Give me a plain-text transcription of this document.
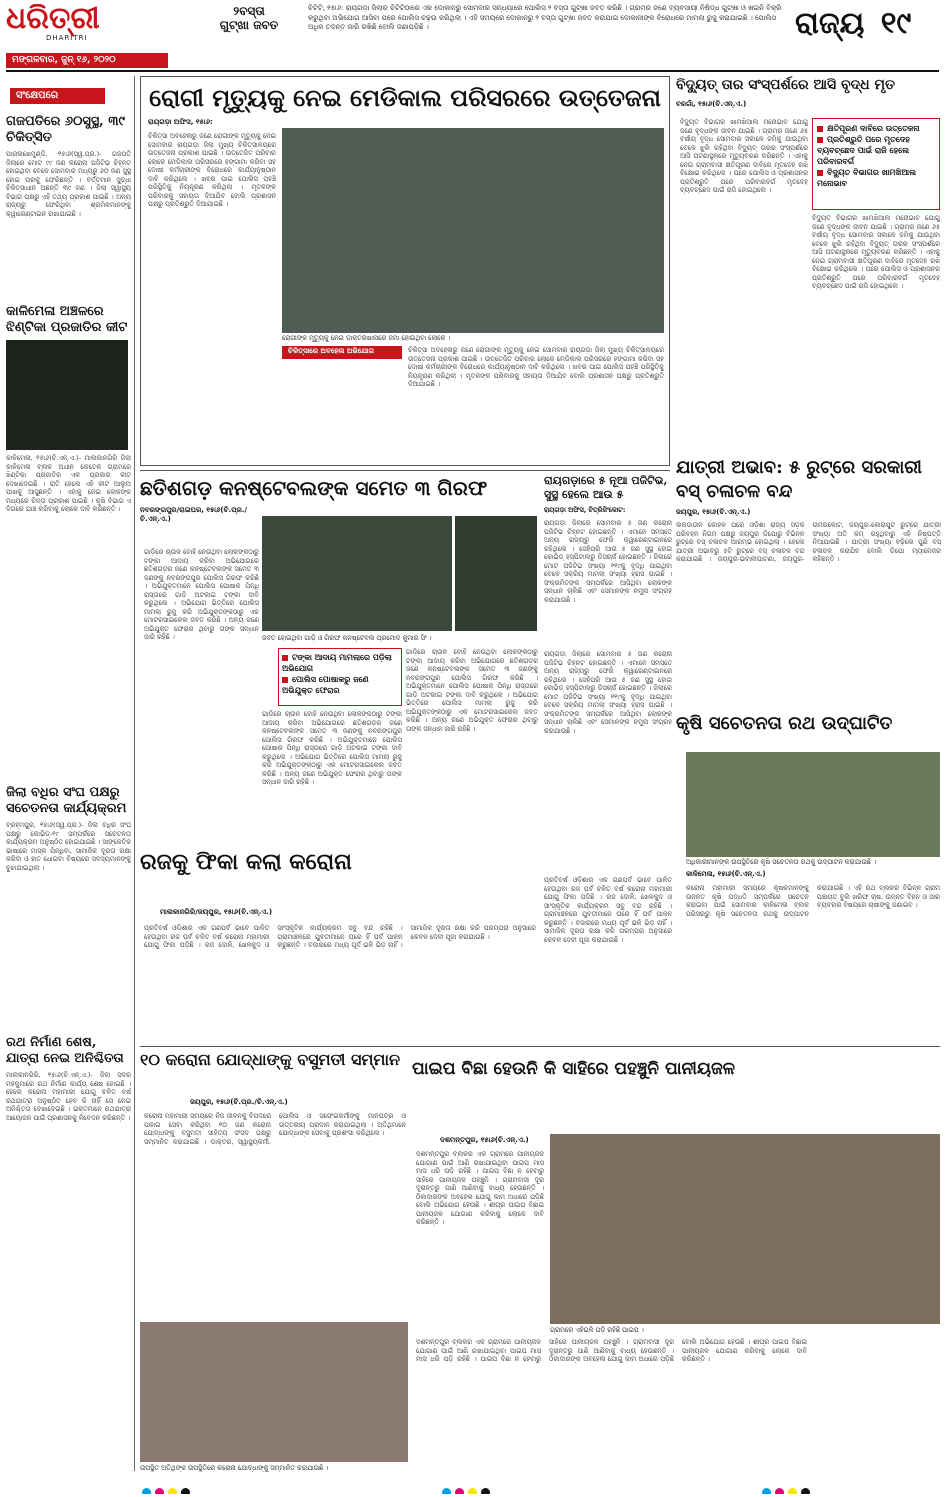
ଧରିତ୍ରୀ
DHARITRI
ମଙ୍ଗଳବାର, ଜୁନ୍ ୧୬, ୨୦୨୦
୨ବସ୍ତା
ଗୁଟ୍ଖା ଜବତ
ଚିଟିଟି, ୧୫ା୬: ରାୟଗଡ଼ା ଜିଲାର ଚିଟିଟିଠାରେ ଏକ ଦୋକାନରୁ ସୋମବାର ସନ୍ଧ୍ୟାରେ ପୋଲିସ ୨ ବସ୍ତା ଗୁଟ୍ଖା ଜବତ କରିଛି । ଗ୍ରାମର ଜଣେ ବ୍ୟବସାୟୀ ନିଷିଦ୍ଧ ଗୁଟ୍ଖା ଓ ଖଇନି ବିକ୍ରି କରୁଥିବା ଅଭିଯୋଗ ଆସିବା ପରେ ପୋଲିସ ଚଢ଼ଉ କରିଥିଲା । ଏହି ସମୟରେ ଦୋକାନରୁ ୨ ବସ୍ତା ଗୁଟ୍ଖା ଜବତ କରାଯାଇ ଦୋକାନୀଙ୍କ ବିରୋଧରେ ମାମଲା ରୁଜୁ କରାଯାଇଛି । ପୋଲିସ ଅଧିକ ତଦନ୍ତ ଜାରି ରଖିଛି ବୋଲି ଜଣାପଡ଼ିଛି ।	ରାଜ୍ୟ ୧୯
ସଂକ୍ଷେପରେ
ଗଜପତିରେ ୬୦ସୁସ୍ଥ, ୩୯ ଚିକିତ୍ସିତ
ପାରଳାଖେମୁଣ୍ଡି, ୧୫ା୬(ସ୍ୱ.ପ୍ର.)- ଗଜପତି ଜିଲାରେ ମୋଟ ୯୯ ଜଣ କରୋନା ପଜିଟିଭ ଚିହ୍ନଟ ହୋଇଥିବା ବେଳେ ସୋମବାର ମଧ୍ୟରୁ ୬୦ ଜଣ ସୁସ୍ଥ ହୋଇ ଘରକୁ ଫେରିଛନ୍ତି । ବର୍ତ୍ତମାନ ସୁଦ୍ଧା ଚିକିତ୍ସାଧୀନ ଅଛନ୍ତି ୩୯ ଜଣ । ଜିଲା ସ୍ୱାସ୍ଥ୍ୟ ବିଭାଗ ପକ୍ଷରୁ ଏହି ତଥ୍ୟ ପ୍ରକାଶ ପାଇଛି । ଅନ୍ୟ ରାଜ୍ୟରୁ ଫେରିଥିବା ଶ୍ରମିକମାନଙ୍କୁ କ୍ୱାରେଣ୍ଟାଇନ ରଖାଯାଇଛି ।
କାଳିମେଳା ଅଞ୍ଚଳରେ ଝିଣ୍ଟିକା ପ୍ରଜାତିର କୀଟ
କାଳିମେଳା, ୧୫ା୬(ଚି.ଏନ୍.ଏ.)- ମାଲକାନଗିରି ଜିଲା କାଳିମେଳା ବ୍ଲକ ଅଧୀନ କେତେକ ଗ୍ରାମରେ ଝିଣ୍ଟିକା ପ୍ରଜାତିର ଏକ ପ୍ରକାର କୀଟ ଦେଖାଦେଇଛି । ରାତି ହେଲେ ଏହି କୀଟ ଆଲୁଅ ପାଖକୁ ଆସୁଛନ୍ତି । ଏହାକୁ ନେଇ ଲୋକଙ୍କ ମଧ୍ୟରେ ଚିନ୍ତା ପ୍ରକାଶ ପାଇଛି । କୃଷି ବିଭାଗ ଏ ଦିଗରେ ଯାଞ୍ଚ କରିବାକୁ ଲୋକେ ଦାବି କରିଛନ୍ତି ।
ଜିଲା ବଧିର ସଂଘ ପକ୍ଷରୁ ସଚେତନତା କାର୍ଯ୍ୟକ୍ରମ
ବ୍ରହ୍ମପୁର, ୧୫ା୬(ସ୍ୱ.ପ୍ର.)- ଜିଲା ବଧିର ସଂଘ ପକ୍ଷରୁ କୋଭିଡ୍-୧୯ ସମ୍ପର୍କରେ ସଚେତନତା କାର୍ଯ୍ୟକ୍ରମ ଅନୁଷ୍ଠିତ ହୋଇଯାଇଛି । ସାଙ୍କେତିକ ଭାଷାରେ ମାସ୍କ ପିନ୍ଧିବା, ସାମାଜିକ ଦୂରତା ରକ୍ଷା କରିବା ଓ ହାତ ଧୋଇବା ବିଷୟରେ ସଦସ୍ୟମାନଙ୍କୁ ବୁଝାଯାଇଥିଲା ।
ରଥ ନିର୍ମାଣ ଶେଷ, ଯାତ୍ରା ନେଇ ଅନିଶ୍ଚିତତା
ମାଲକାନଗିରି, ୧୫ା୬(ଚି.ଏନ୍.ଏ.)- ଜିଲା ସଦର ମହକୁମାରେ ରଥ ନିର୍ମାଣ କାର୍ଯ୍ୟ ଶେଷ ହୋଇଛି । ହେଲେ କରୋନା ମହାମାରୀ ଯୋଗୁ ଚଳିତ ବର୍ଷ ରଥଯାତ୍ରା ଅନୁଷ୍ଠିତ ହେବ କି ନାହିଁ ସେ ନେଇ ଅନିଶ୍ଚିତତା ଦେଖାଦେଇଛି । ଭକ୍ତମାନେ ରଥଯାତ୍ରା ଆୟୋଜନ ପାଇଁ ପ୍ରଶାସନକୁ ନିବେଦନ କରିଛନ୍ତି ।
ରୋଗୀ ମୃତ୍ୟୁକୁ ନେଇ ମେଡିକାଲ ପରିସରରେ ଉତ୍ତେଜନା
ରାୟଗଡ଼ା ଅଫିସ, ୧୫ା୬:
ଚିକିତ୍ସା ଅବହେଳାରୁ ଜଣେ ରୋଗୀଙ୍କ ମୃତ୍ୟୁକୁ ନେଇ ସୋମବାର ରାୟଗଡ଼ା ଜିଲା ମୁଖ୍ୟ ଚିକିତ୍ସାଳୟରେ ଉତ୍ତେଜନା ପ୍ରକାଶ ପାଇଛି । ଉତ୍ତେଜିତ ପରିବାର ଲୋକେ ମେଡିକାଲ ପରିସରରେ ହଙ୍ଗାମା କରିବା ସହ ଦୋଷୀ କର୍ମଚାରୀଙ୍କ ବିରୋଧରେ କାର୍ଯ୍ୟାନୁଷ୍ଠାନ ଦାବି କରିଥିଲେ । ଖବର ପାଇ ପୋଲିସ ପହଞ୍ଚି ପରିସ୍ଥିତିକୁ ନିୟନ୍ତ୍ରଣ କରିଥିଲା । ମୃତକଙ୍କ ପରିବାରକୁ ସହାୟତା ଦିଆଯିବ ବୋଲି ପ୍ରଶାସନ ପକ୍ଷରୁ ପ୍ରତିଶ୍ରୁତି ଦିଆଯାଇଛି ।
ରୋଗୀଙ୍କ ମୃତ୍ୟୁକୁ ନେଇ ଡାକ୍ତରଖାନାରେ ଜମା ହୋଇଥିବା ଲୋକେ ।
ଚିକିତ୍ସାରେ ଅବହେଳା ଅଭିଯୋଗ	ଚିକିତ୍ସା ଅବହେଳାରୁ ଜଣେ ରୋଗୀଙ୍କ ମୃତ୍ୟୁକୁ ନେଇ ସୋମବାର ରାୟଗଡ଼ା ଜିଲା ମୁଖ୍ୟ ଚିକିତ୍ସାଳୟରେ ଉତ୍ତେଜନା ପ୍ରକାଶ ପାଇଛି । ଉତ୍ତେଜିତ ପରିବାର ଲୋକେ ମେଡିକାଲ ପରିସରରେ ହଙ୍ଗାମା କରିବା ସହ ଦୋଷୀ କର୍ମଚାରୀଙ୍କ ବିରୋଧରେ କାର୍ଯ୍ୟାନୁଷ୍ଠାନ ଦାବି କରିଥିଲେ । ଖବର ପାଇ ପୋଲିସ ପହଞ୍ଚି ପରିସ୍ଥିତିକୁ ନିୟନ୍ତ୍ରଣ କରିଥିଲା । ମୃତକଙ୍କ ପରିବାରକୁ ସହାୟତା ଦିଆଯିବ ବୋଲି ପ୍ରଶାସନ ପକ୍ଷରୁ ପ୍ରତିଶ୍ରୁତି ଦିଆଯାଇଛି ।
ବିଦ୍ୟୁତ୍ ତାର ସଂସ୍ପର୍ଶରେ ଆସି ବୃଦ୍ଧ ମୃତ
ବରଗାଁ, ୧୫ା୬(ଚି.ଏନ୍.ଏ.)
କ୍ଷତିପୂରଣ ଦାବିରେ ଉତ୍ତେଜନା
ପ୍ରତିଶ୍ରୁତି ପରେ ମୃତଦେହ ବ୍ୟବଚ୍ଛେଦ ପାଇଁ ରାଜି ହେଲେ ପରିବାରବର୍ଗ
ବିଦ୍ୟୁତ ବିଭାଗର ଖାମଖିଆଲ ମନୋଭାବ
ବିଦ୍ୟୁତ ବିଭାଗର ଖାମଖିଆଲ ମନୋଭାବ ଯୋଗୁ ଜଣେ ବୃଦ୍ଧଙ୍କ ଜୀବନ ଯାଇଛି । ଗ୍ରାମର ଜଣେ ୬୫ ବର୍ଷୀୟ ବୃଦ୍ଧ ସୋମବାର ସକାଳେ ଜମିକୁ ଯାଉଥିବା ବେଳେ ଝୁଲି ରହିଥିବା ବିଦ୍ୟୁତ୍ ତାରର ସଂସ୍ପର୍ଶରେ ଆସି ଘଟଣାସ୍ଥଳରେ ମୃତ୍ୟୁବରଣ କରିଛନ୍ତି । ଏହାକୁ ନେଇ ଗ୍ରାମବାସୀ କ୍ଷତିପୂରଣ ଦାବିରେ ମୃତଦେହ ରଖି ବିକ୍ଷୋଭ କରିଥିଲେ । ପରେ ପୋଲିସ ଓ ପ୍ରଶାସନର ପ୍ରତିଶ୍ରୁତି ପରେ ପରିବାରବର୍ଗ ମୃତଦେହ ବ୍ୟବଚ୍ଛେଦ ପାଇଁ ରାଜି ହୋଇଥିଲେ ।
ବିଦ୍ୟୁତ ବିଭାଗର ଖାମଖିଆଲ ମନୋଭାବ ଯୋଗୁ ଜଣେ ବୃଦ୍ଧଙ୍କ ଜୀବନ ଯାଇଛି । ଗ୍ରାମର ଜଣେ ୬୫ ବର୍ଷୀୟ ବୃଦ୍ଧ ସୋମବାର ସକାଳେ ଜମିକୁ ଯାଉଥିବା ବେଳେ ଝୁଲି ରହିଥିବା ବିଦ୍ୟୁତ୍ ତାରର ସଂସ୍ପର୍ଶରେ ଆସି ଘଟଣାସ୍ଥଳରେ ମୃତ୍ୟୁବରଣ କରିଛନ୍ତି । ଏହାକୁ ନେଇ ଗ୍ରାମବାସୀ କ୍ଷତିପୂରଣ ଦାବିରେ ମୃତଦେହ ରଖି ବିକ୍ଷୋଭ କରିଥିଲେ । ପରେ ପୋଲିସ ଓ ପ୍ରଶାସନର ପ୍ରତିଶ୍ରୁତି ପରେ ପରିବାରବର୍ଗ ମୃତଦେହ ବ୍ୟବଚ୍ଛେଦ ପାଇଁ ରାଜି ହୋଇଥିଲେ ।
ଯାତ୍ରୀ ଅଭାବ: ୫ ରୁଟ୍‌ରେ ସରକାରୀ ବସ୍ ଚଳାଚଳ ବନ୍ଦ
ଜୟପୁର, ୧୫ା୬(ଚି.ଏନ୍.ଏ.)
ଲକଡାଉନ କୋହଳ ପରେ ଓଡ଼ିଶା ରାଜ୍ୟ ସଡ଼କ ପରିବହନ ନିଗମ ପକ୍ଷରୁ ଜୟପୁର ଡିପୋରୁ ବିଭିନ୍ନ ରୁଟ୍‌ରେ ବସ୍ ଚଳାଚଳ ଆରମ୍ଭ ହୋଇଥିଲା । ହେଲେ ଯାତ୍ରୀ ଅଭାବରୁ ୫ଟି ରୁଟ୍‌ରେ ବସ୍ ଚଳାଚଳ ବନ୍ଦ କରାଯାଇଛି । ଜୟପୁର-ଭବାନୀପାଟଣା, ଜୟପୁର-ଉମରକୋଟ, ଜୟପୁର-କୋରାପୁଟ ରୁଟ୍‌ରେ ଯାତ୍ରୀ ସଂଖ୍ୟା ଅତି କମ୍ ରହୁଥିବାରୁ ଏହି ନିଷ୍ପତ୍ତି ନିଆଯାଇଛି । ଯାତ୍ରୀ ସଂଖ୍ୟା ବଢ଼ିଲେ ପୁଣି ବସ୍ ଚଳାଚଳ କରାଯିବ ବୋଲି ଡିପୋ ମ୍ୟାନେଜର କହିଛନ୍ତି ।
ଛତିଶଗଡ଼ କନଷ୍ଟେବଲଙ୍କ ସମେତ ୩ ଗିରଫ
ନବରଙ୍ଗପୁର/ରାଇଘର, ୧୫ା୬(ଚି.ପ୍ର./ଚି.ଏନ୍.ଏ.)
ଜବତ ହୋଇଥିବା ଗାଡ଼ି ଓ ଗିରଫ କନଷ୍ଟେବଲ ପ୍ରମୋଦ କୁମାର ସିଂ ।
ଟଙ୍କା ଆଦାୟ ମାମଲାରେ ପଡ଼ିଲା ଅଭିଯୋଗ
ପୋଲିସ ପୋଷାକରୁ ଜଣେ ଅଭିଯୁକ୍ତ ଫେରାର
ଗାଡ଼ିରେ ଚାଉଳ ବୋହି ନେଉଥିବା ଲୋକଙ୍କଠାରୁ ଟଙ୍କା ଆଦାୟ କରିବା ଅଭିଯୋଗରେ ଛତିଶଗଡ଼ର ଜଣେ କନଷ୍ଟେବଲଙ୍କ ସମେତ ୩ ଜଣଙ୍କୁ ନବରଙ୍ଗପୁର ପୋଲିସ ଗିରଫ କରିଛି । ଅଭିଯୁକ୍ତମାନେ ପୋଲିସ ପୋଷାକ ପିନ୍ଧି ରାସ୍ତାରେ ଗାଡ଼ି ଅଟକାଇ ଟଙ୍କା ଦାବି କରୁଥିଲେ । ଅଭିଯୋଗ ଭିତ୍ତିରେ ପୋଲିସ ମାମଲା ରୁଜୁ କରି ଅଭିଯୁକ୍ତଙ୍କଠାରୁ ଏକ ମୋଟରସାଇକେଲ ଜବତ କରିଛି । ଅନ୍ୟ ଜଣେ ଅଭିଯୁକ୍ତ ଫେରାର ଥିବାରୁ ତାଙ୍କ ସନ୍ଧାନ ଜାରି ରହିଛି ।
ଗାଡ଼ିରେ ଚାଉଳ ବୋହି ନେଉଥିବା ଲୋକଙ୍କଠାରୁ ଟଙ୍କା ଆଦାୟ କରିବା ଅଭିଯୋଗରେ ଛତିଶଗଡ଼ର ଜଣେ କନଷ୍ଟେବଲଙ୍କ ସମେତ ୩ ଜଣଙ୍କୁ ନବରଙ୍ଗପୁର ପୋଲିସ ଗିରଫ କରିଛି । ଅଭିଯୁକ୍ତମାନେ ପୋଲିସ ପୋଷାକ ପିନ୍ଧି ରାସ୍ତାରେ ଗାଡ଼ି ଅଟକାଇ ଟଙ୍କା ଦାବି କରୁଥିଲେ । ଅଭିଯୋଗ ଭିତ୍ତିରେ ପୋଲିସ ମାମଲା ରୁଜୁ କରି ଅଭିଯୁକ୍ତଙ୍କଠାରୁ ଏକ ମୋଟରସାଇକେଲ ଜବତ କରିଛି । ଅନ୍ୟ ଜଣେ ଅଭିଯୁକ୍ତ ଫେରାର ଥିବାରୁ ତାଙ୍କ ସନ୍ଧାନ ଜାରି ରହିଛି ।
ଗାଡ଼ିରେ ଚାଉଳ ବୋହି ନେଉଥିବା ଲୋକଙ୍କଠାରୁ ଟଙ୍କା ଆଦାୟ କରିବା ଅଭିଯୋଗରେ ଛତିଶଗଡ଼ର ଜଣେ କନଷ୍ଟେବଲଙ୍କ ସମେତ ୩ ଜଣଙ୍କୁ ନବରଙ୍ଗପୁର ପୋଲିସ ଗିରଫ କରିଛି । ଅଭିଯୁକ୍ତମାନେ ପୋଲିସ ପୋଷାକ ପିନ୍ଧି ରାସ୍ତାରେ ଗାଡ଼ି ଅଟକାଇ ଟଙ୍କା ଦାବି କରୁଥିଲେ । ଅଭିଯୋଗ ଭିତ୍ତିରେ ପୋଲିସ ମାମଲା ରୁଜୁ କରି ଅଭିଯୁକ୍ତଙ୍କଠାରୁ ଏକ ମୋଟରସାଇକେଲ ଜବତ କରିଛି । ଅନ୍ୟ ଜଣେ ଅଭିଯୁକ୍ତ ଫେରାର ଥିବାରୁ ତାଙ୍କ ସନ୍ଧାନ ଜାରି ରହିଛି ।
ରାୟଗଡ଼ାରେ ୫ ନୂଆ ପଜିଟିଭ, ସୁସ୍ଥ ହେଲେ ଆଉ ୫
ରାୟଗଡ଼ା ଅଫିସ, ଚିତ୍ରିଜିଂକୋଟ:
ରାୟଗଡ଼ା ଜିଲାରେ ସୋମବାର ୫ ଜଣ କରୋନା ପଜିଟିଭ ଚିହ୍ନଟ ହୋଇଛନ୍ତି । ଏମାନେ ସମସ୍ତେ ଅନ୍ୟ ରାଜ୍ୟରୁ ଫେରି କ୍ୱାରେଣ୍ଟାଇନରେ ରହିଥିଲେ । ସେହିପରି ଆଉ ୫ ଜଣ ସୁସ୍ଥ ହୋଇ କୋଭିଡ୍ ହସ୍ପିଟାଲରୁ ଡିସଚାର୍ଜ ହୋଇଛନ୍ତି । ଜିଲାରେ ମୋଟ ପଜିଟିଭ ସଂଖ୍ୟା ୧୧୯କୁ ବୃଦ୍ଧି ପାଇଥିବା ବେଳେ ସକ୍ରିୟ ମାମଲା ସଂଖ୍ୟା ହ୍ରାସ ପାଇଛି । ସଂକ୍ରମିତଙ୍କ ସମ୍ପର୍କରେ ଆସିଥିବା ଲୋକଙ୍କ ସନ୍ଧାନ ଚାଲିଛି ଏବଂ ସେମାନଙ୍କ ନମୁନା ସଂଗ୍ରହ କରାଯାଉଛି ।
ରାୟଗଡ଼ା ଜିଲାରେ ସୋମବାର ୫ ଜଣ କରୋନା ପଜିଟିଭ ଚିହ୍ନଟ ହୋଇଛନ୍ତି । ଏମାନେ ସମସ୍ତେ ଅନ୍ୟ ରାଜ୍ୟରୁ ଫେରି କ୍ୱାରେଣ୍ଟାଇନରେ ରହିଥିଲେ । ସେହିପରି ଆଉ ୫ ଜଣ ସୁସ୍ଥ ହୋଇ କୋଭିଡ୍ ହସ୍ପିଟାଲରୁ ଡିସଚାର୍ଜ ହୋଇଛନ୍ତି । ଜିଲାରେ ମୋଟ ପଜିଟିଭ ସଂଖ୍ୟା ୧୧୯କୁ ବୃଦ୍ଧି ପାଇଥିବା ବେଳେ ସକ୍ରିୟ ମାମଲା ସଂଖ୍ୟା ହ୍ରାସ ପାଇଛି । ସଂକ୍ରମିତଙ୍କ ସମ୍ପର୍କରେ ଆସିଥିବା ଲୋକଙ୍କ ସନ୍ଧାନ ଚାଲିଛି ଏବଂ ସେମାନଙ୍କ ନମୁନା ସଂଗ୍ରହ କରାଯାଉଛି ।	କୃଷି ସଚେତନତା ରଥ ଉଦ୍‌ଘାଟିତ
ଅଧିକାରୀମାନଙ୍କ ଉପସ୍ଥିତିରେ କୃଷି ସଚେତନତା ରଥକୁ ଉଦ୍‌ଘାଟନ କରାଯାଉଛି ।
କାଳିମେଳା, ୧୫ା୬(ଚି.ଏନ୍.ଏ.)
କରୋନା ମହାମାରୀ ସମୟରେ କୃଷକମାନଙ୍କୁ ଉନ୍ନତ କୃଷି ପଦ୍ଧତି ସମ୍ପର୍କରେ ସଚେତନ କରାଇବା ପାଇଁ ସୋମବାର କାଳିମେଳା ବ୍ଲକ ପରିସରରୁ କୃଷି ସଚେତନତା ରଥକୁ ଉଦ୍‌ଘାଟନ କରାଯାଇଛି । ଏହି ରଥ ବ୍ଲକର ବିଭିନ୍ନ ଗ୍ରାମ ପଞ୍ଚାୟତ ବୁଲି ଖରିଫ ଚାଷ, ଉନ୍ନତ ବିହନ ଓ ସାର ବ୍ୟବହାର ବିଷୟରେ ଚାଷୀଙ୍କୁ ଜଣାଇବ ।
ରଜକୁ ଫିକା କଲା କରୋନା
ମାଲକାନଗିରି/ଜୟପୁର, ୧୫ା୬(ଚି.ଏନ୍.ଏ.)
ପ୍ରତିବର୍ଷ ଓଡ଼ିଶାର ଏକ ଗଣପର୍ବ ଭାବେ ପାଳିତ ହେଉଥିବା ରଜ ପର୍ବ ଚଳିତ ବର୍ଷ କରୋନା ମହାମାରୀ ଯୋଗୁ ଫିକା ପଡ଼ିଛି । ରଜ ଦୋଳି, ଖେଳକୁଦ ଓ ସାଂସ୍କୃତିକ କାର୍ଯ୍ୟକ୍ରମ ସବୁ ବନ୍ଦ ରହିଛି । ଗ୍ରାମାଞ୍ଚଳରେ ଯୁବତୀମାନେ ଘରେ ହିଁ ପର୍ବ ପାଳନ କରୁଛନ୍ତି । ବଜାରରେ ମଧ୍ୟ ପୂର୍ବ ଭଳି ଭିଡ଼ ନାହିଁ । ସାମାଜିକ ଦୂରତା ରକ୍ଷା କରି ପରମ୍ପରା ଅନୁସାରେ କେବଳ ଦେବୀ ପୂଜା କରାଯାଉଛି ।
ପ୍ରତିବର୍ଷ ଓଡ଼ିଶାର ଏକ ଗଣପର୍ବ ଭାବେ ପାଳିତ ହେଉଥିବା ରଜ ପର୍ବ ଚଳିତ ବର୍ଷ କରୋନା ମହାମାରୀ ଯୋଗୁ ଫିକା ପଡ଼ିଛି । ରଜ ଦୋଳି, ଖେଳକୁଦ ଓ ସାଂସ୍କୃତିକ କାର୍ଯ୍ୟକ୍ରମ ସବୁ ବନ୍ଦ ରହିଛି । ଗ୍ରାମାଞ୍ଚଳରେ ଯୁବତୀମାନେ ଘରେ ହିଁ ପର୍ବ ପାଳନ କରୁଛନ୍ତି । ବଜାରରେ ମଧ୍ୟ ପୂର୍ବ ଭଳି ଭିଡ଼ ନାହିଁ । ସାମାଜିକ ଦୂରତା ରକ୍ଷା କରି ପରମ୍ପରା ଅନୁସାରେ କେବଳ ଦେବୀ ପୂଜା କରାଯାଉଛି ।
୧୦ କରୋନା ଯୋଦ୍ଧାଙ୍କୁ ବସୁମତୀ ସମ୍ମାନ
ଜୟପୁର, ୧୫ା୬(ଚି.ପ୍ର./ଚି.ଏନ୍.ଏ.)
କରୋନା ମହାମାରୀ ସମୟରେ ନିଜ ଜୀବନକୁ ବିପଦରେ ପକାଇ ସେବା କରିଥିବା ୧୦ ଜଣ କରୋନା ଯୋଦ୍ଧାଙ୍କୁ ବସୁମତୀ ସାହିତ୍ୟ ସଂସଦ ପକ୍ଷରୁ ସମ୍ମାନିତ କରାଯାଇଛି । ଡାକ୍ତର, ସ୍ୱାସ୍ଥ୍ୟକର୍ମୀ, ପୋଲିସ ଓ ସଫେଇକର୍ମୀଙ୍କୁ ମାନପତ୍ର ଓ ଉତ୍ତରୀୟ ପ୍ରଦାନ କରାଯାଇଥିଲା । ଅତିଥିମାନେ ଯୋଦ୍ଧାଙ୍କ ସେବାକୁ ପ୍ରଶଂସା କରିଥିଲେ ।
ଉପସ୍ଥିତ ଅତିଥିଙ୍କ ଉପସ୍ଥିତିରେ କରୋନା ଯୋଦ୍ଧାଙ୍କୁ ସମ୍ମାନିତ କରାଯାଉଛି ।
ପାଇପ ବିଛା ହେଉନି କି ସାହିରେ ପହଞ୍ଚୁନି ପାନୀୟଜଳ
ଦଶମନ୍ତପୁର, ୧୫ା୬(ଚି.ଏନ୍.ଏ.)
ଦଶମନ୍ତପୁର ବ୍ଲକର ଏକ ଗ୍ରାମରେ ପାନୀୟଜଳ ଯୋଗାଣ ପାଇଁ ଆଣି ରଖାଯାଇଥିବା ପାଇପ ମାସ ମାସ ଧରି ପଡ଼ି ରହିଛି । ପାଇପ ବିଛା ନ ହେବାରୁ ସାହିରେ ପାନୀୟଜଳ ପହଞ୍ଚୁନି । ଗ୍ରାମବାସୀ ଦୂର ଦୂରାନ୍ତରୁ ପାଣି ଆଣିବାକୁ ବାଧ୍ୟ ହେଉଛନ୍ତି । ଠିକାଦାରଙ୍କ ଅବହେଳା ଯୋଗୁ କାମ ଅଧାରେ ପଡ଼ିଛି ବୋଲି ଅଭିଯୋଗ ହେଉଛି । ଶୀଘ୍ର ପାଇପ ବିଛାଇ ପାନୀୟଜଳ ଯୋଗାଣ କରିବାକୁ ଲୋକେ ଦାବି କରିଛନ୍ତି ।
ଗ୍ରାମରେ ଏହିଭଳି ପଡ଼ି ରହିଛି ପାଇପ ।
ଦଶମନ୍ତପୁର ବ୍ଲକର ଏକ ଗ୍ରାମରେ ପାନୀୟଜଳ ଯୋଗାଣ ପାଇଁ ଆଣି ରଖାଯାଇଥିବା ପାଇପ ମାସ ମାସ ଧରି ପଡ଼ି ରହିଛି । ପାଇପ ବିଛା ନ ହେବାରୁ ସାହିରେ ପାନୀୟଜଳ ପହଞ୍ଚୁନି । ଗ୍ରାମବାସୀ ଦୂର ଦୂରାନ୍ତରୁ ପାଣି ଆଣିବାକୁ ବାଧ୍ୟ ହେଉଛନ୍ତି । ଠିକାଦାରଙ୍କ ଅବହେଳା ଯୋଗୁ କାମ ଅଧାରେ ପଡ଼ିଛି ବୋଲି ଅଭିଯୋଗ ହେଉଛି । ଶୀଘ୍ର ପାଇପ ବିଛାଇ ପାନୀୟଜଳ ଯୋଗାଣ କରିବାକୁ ଲୋକେ ଦାବି କରିଛନ୍ତି ।
